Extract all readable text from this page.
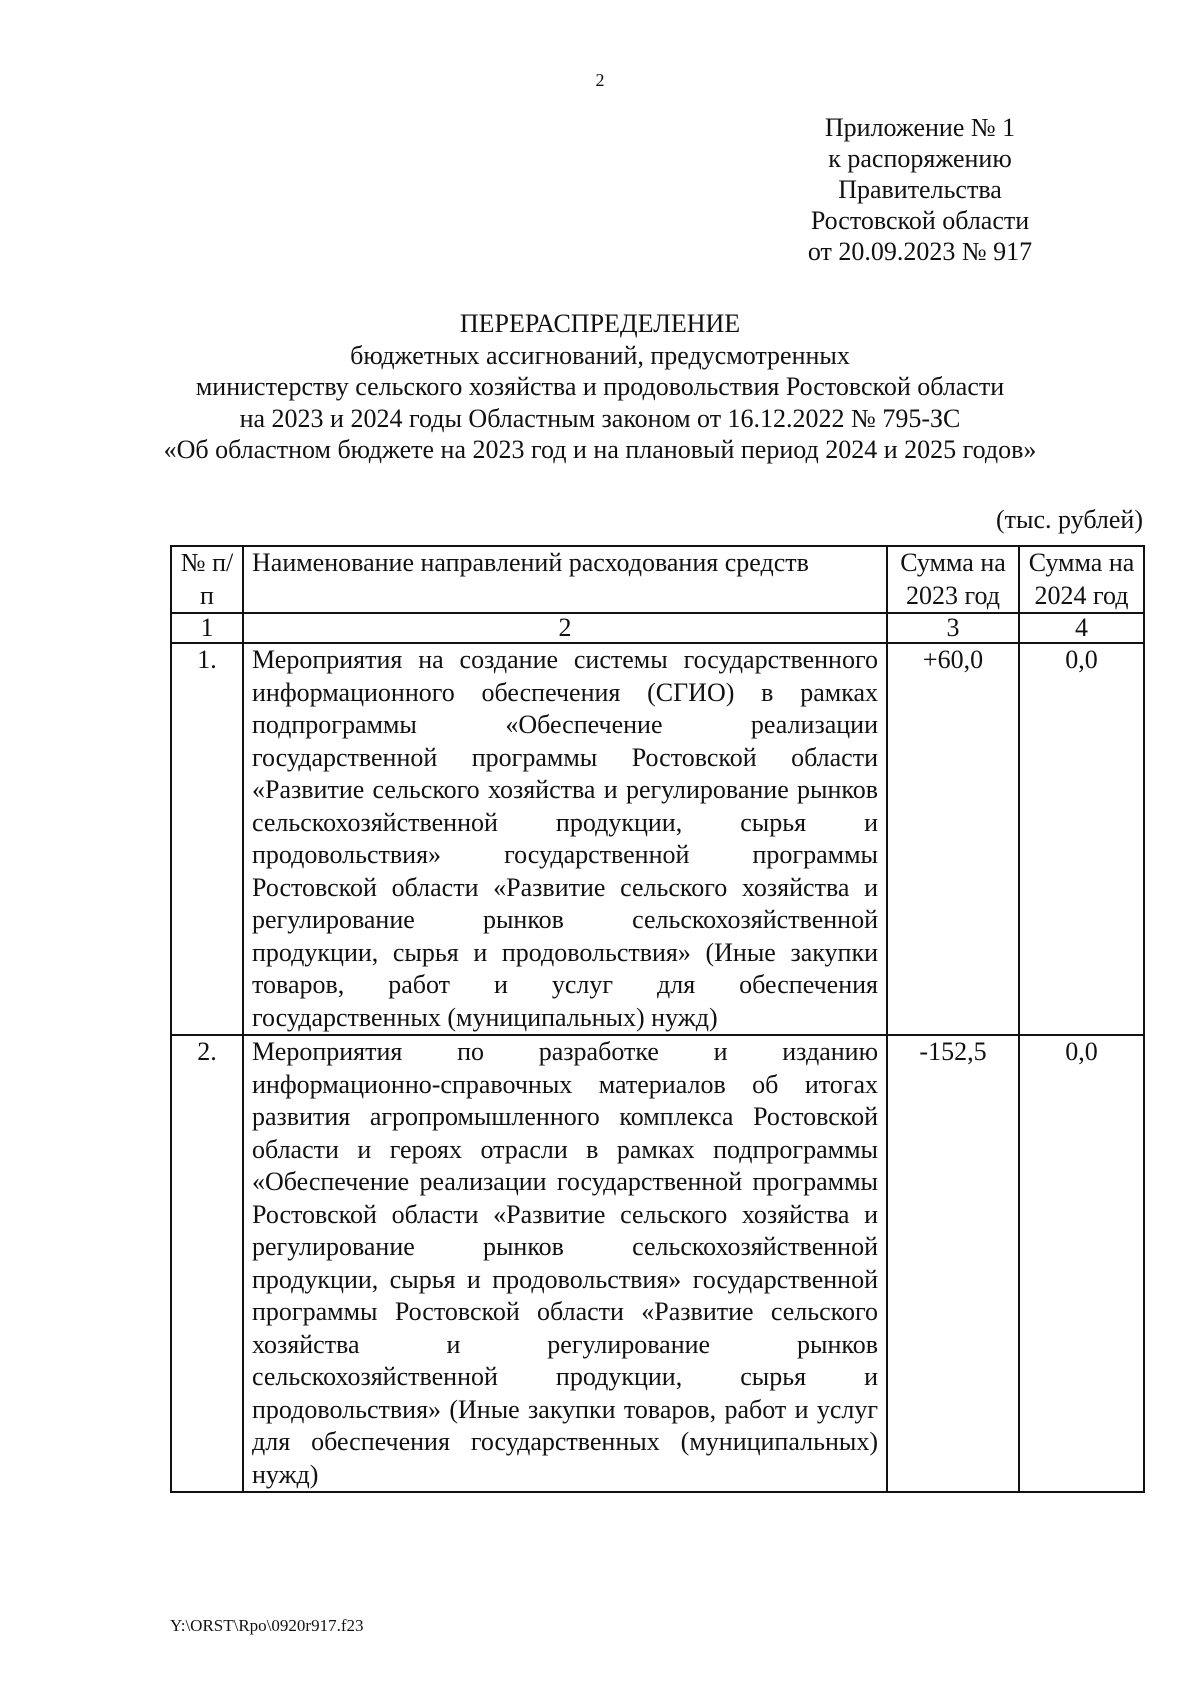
2
Приложение № 1
к распоряжению
Правительства
Ростовской области
от 20.09.2023 № 917
ПЕРЕРАСПРЕДЕЛЕНИЕ
бюджетных ассигнований, предусмотренных
министерству сельского хозяйства и продовольствия Ростовской области
на 2023 и 2024 годы Областным законом от 16.12.2022 № 795-ЗС
«Об областном бюджете на 2023 год и на плановый период 2024 и 2025 годов»
(тыс. рублей)
№ п/п	Наименование направлений расходования средств	Сумма на 2023 год	Сумма на 2024 год
1	2	3	4
1.	Мероприятия на создание системы государственного информационного обеспечения (СГИО) в рамках подпрограммы «Обеспечение реализации государственной программы Ростовской области «Развитие сельского хозяйства и регулирование рынков сельскохозяйственной продукции, сырья и продовольствия» государственной программы Ростовской области «Развитие сельского хозяйства и регулирование рынков сельскохозяйственной продукции, сырья и продовольствия» (Иные закупки товаров, работ и услуг для обеспечения государственных (муниципальных) нужд)	+60,0	0,0
2.	Мероприятия по разработке и изданию информационно-справочных материалов об итогах развития агропромышленного комплекса Ростовской области и героях отрасли в рамках подпрограммы «Обеспечение реализации государственной программы Ростовской области «Развитие сельского хозяйства и регулирование рынков сельскохозяйственной продукции, сырья и продовольствия» государственной программы Ростовской области «Развитие сельского хозяйства и регулирование рынков сельскохозяйственной продукции, сырья и продовольствия» (Иные закупки товаров, работ и услуг для обеспечения государственных (муниципальных) нужд)	-152,5	0,0
Y:\ORST\Rpo\0920r917.f23
